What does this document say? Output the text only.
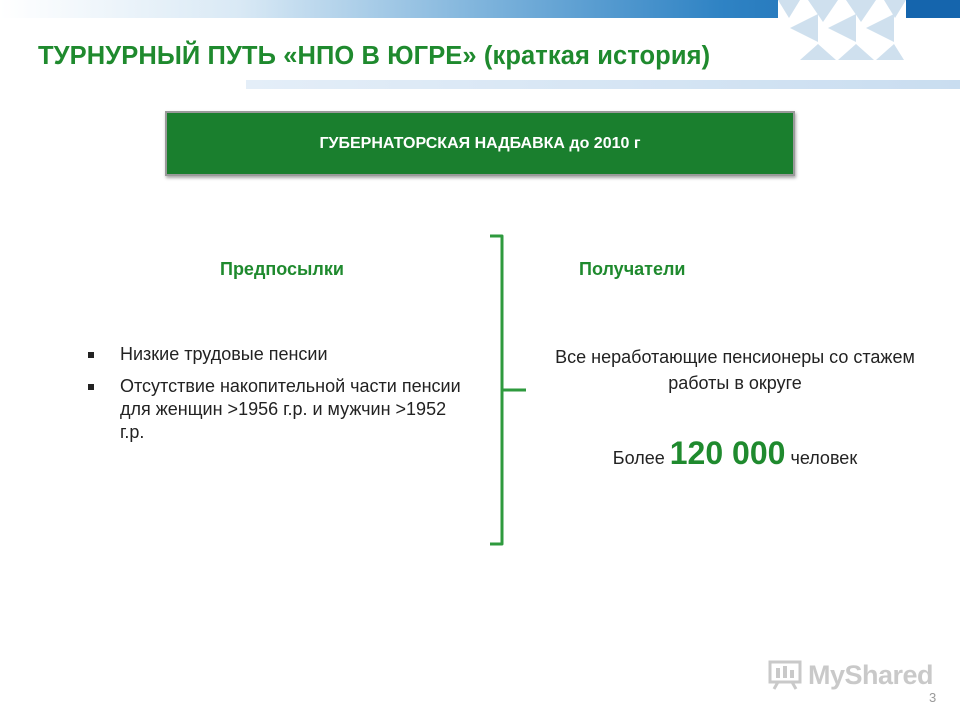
ТУРНУРНЫЙ ПУТЬ «НПО В ЮГРЕ» (краткая история)
ГУБЕРНАТОРСКАЯ НАДБАВКА до 2010 г
Предпосылки	Получатели
Низкие трудовые пенсии
Отсутствие накопительной части пенсии для женщин >1956 г.р. и мужчин >1952 г.р.
Все неработающие пенсионеры со стажем работы в округе
Более 120 000 человек
MyShared
3
